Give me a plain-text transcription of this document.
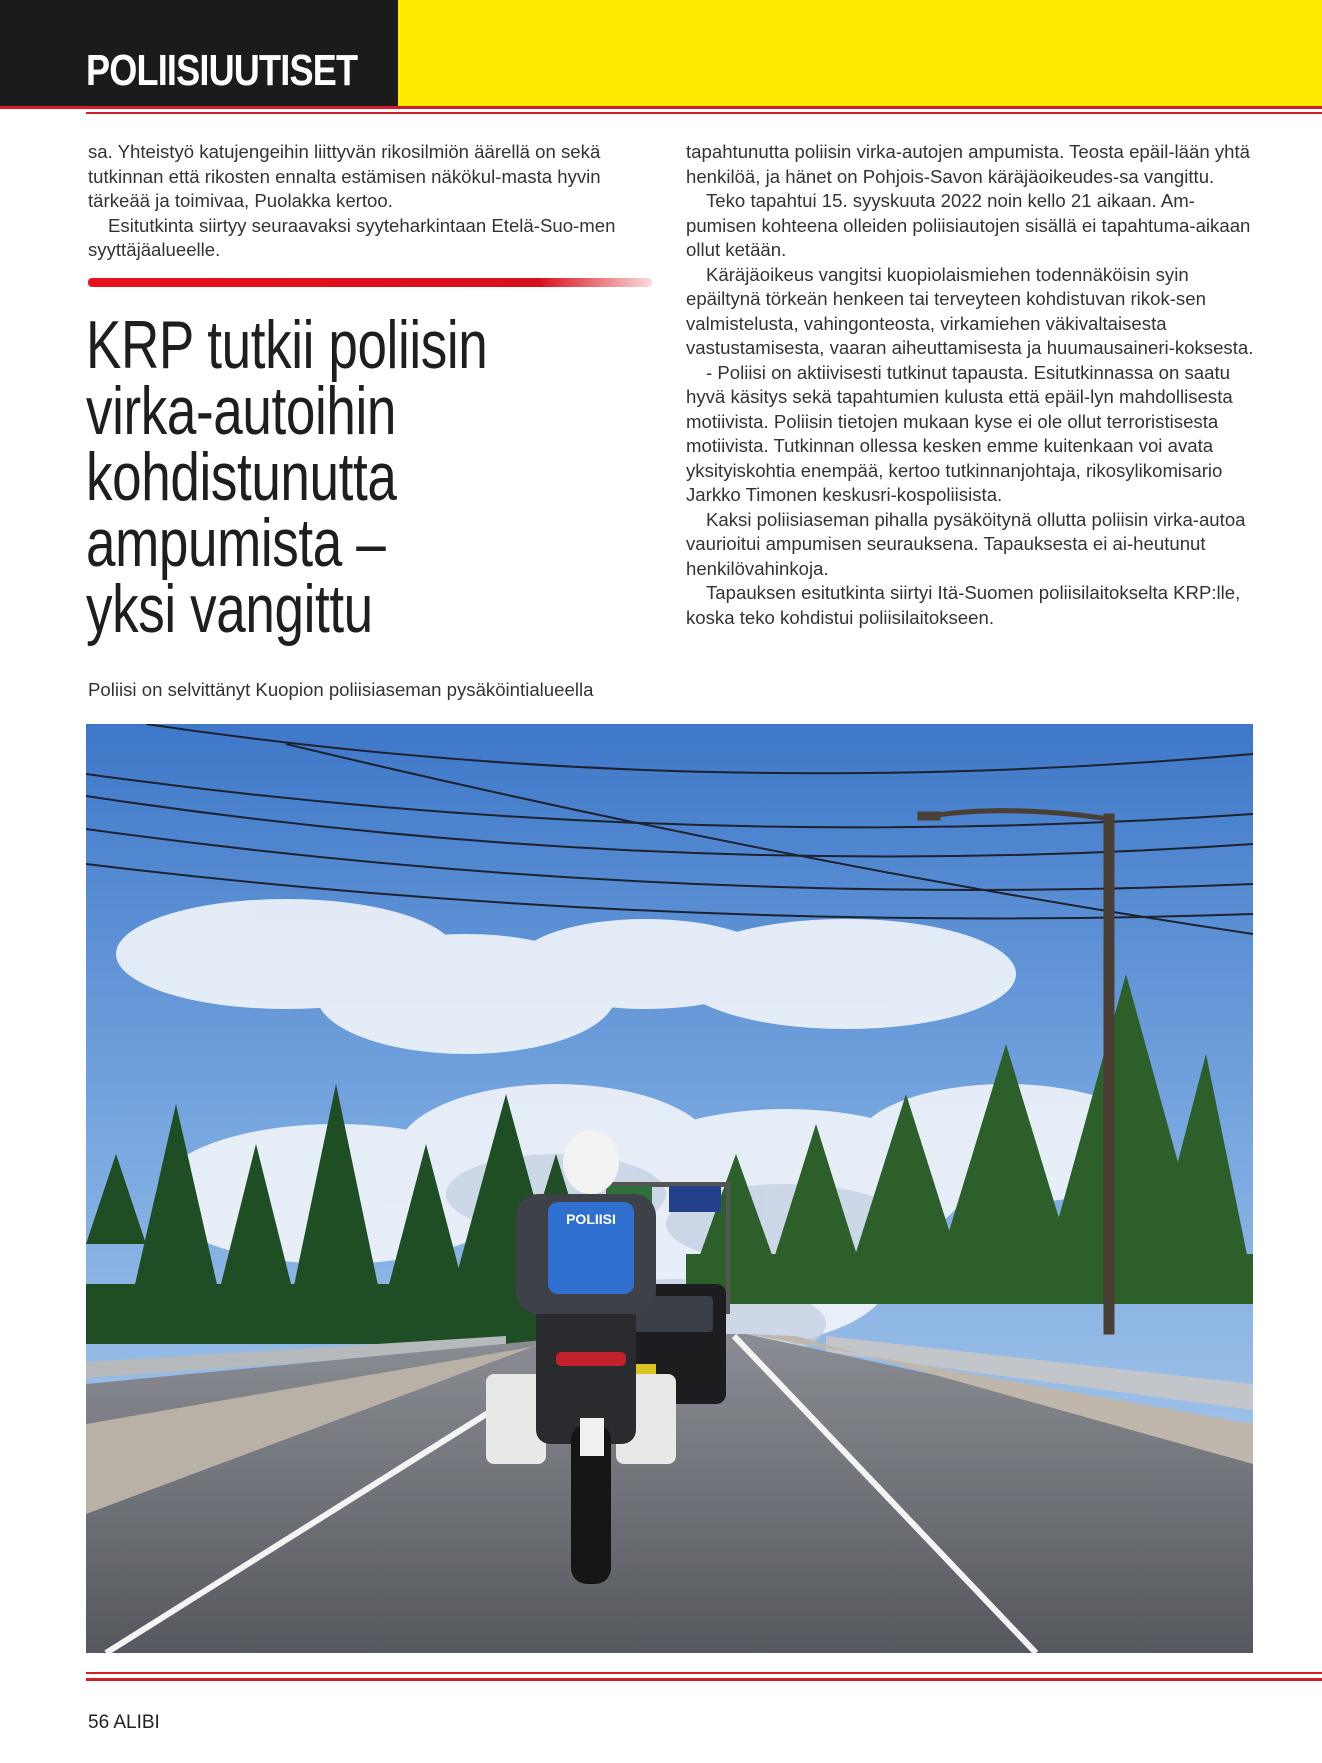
POLIISIUUTISET

sa. Yhteistyö katujengeihin liittyvän rikosilmiön äärellä on sekä tutkinnan että rikosten ennalta estämisen näkökul-masta hyvin tärkeää ja toimivaa, Puolakka kertoo.

Esitutkinta siirtyy seuraavaksi syyteharkintaan Etelä-Suo-men syyttäjäalueelle.

KRP tutkii poliisin
virka-autoihin
kohdistunutta
ampumista –
yksi vangittu

Poliisi on selvittänyt Kuopion poliisiaseman pysäköintialueella

tapahtunutta poliisin virka-autojen ampumista. Teosta epäil-lään yhtä henkilöä, ja hänet on Pohjois-Savon käräjäoikeudes-sa vangittu.

Teko tapahtui 15. syyskuuta 2022 noin kello 21 aikaan. Am-pumisen kohteena olleiden poliisiautojen sisällä ei tapahtuma-aikaan ollut ketään.

Käräjäoikeus vangitsi kuopiolaismiehen todennäköisin syin epäiltynä törkeän henkeen tai terveyteen kohdistuvan rikok-sen valmistelusta, vahingonteosta, virkamiehen väkivaltaisesta vastustamisesta, vaaran aiheuttamisesta ja huumausaineri-koksesta.

- Poliisi on aktiivisesti tutkinut tapausta. Esitutkinnassa on saatu hyvä käsitys sekä tapahtumien kulusta että epäil-lyn mahdollisesta motiivista. Poliisin tietojen mukaan kyse ei ole ollut terroristisesta motiivista. Tutkinnan ollessa kesken emme kuitenkaan voi avata yksityiskohtia enempää, kertoo tutkinnanjohtaja, rikosylikomisario Jarkko Timonen keskusri-kospoliisista.

Kaksi poliisiaseman pihalla pysäköitynä ollutta poliisin virka-autoa vaurioitui ampumisen seurauksena. Tapauksesta ei ai-heutunut henkilövahinkoja.

Tapauksen esitutkinta siirtyi Itä-Suomen poliisilaitokselta KRP:lle, koska teko kohdistui poliisilaitokseen.

POLIISI
56 ALIBI
